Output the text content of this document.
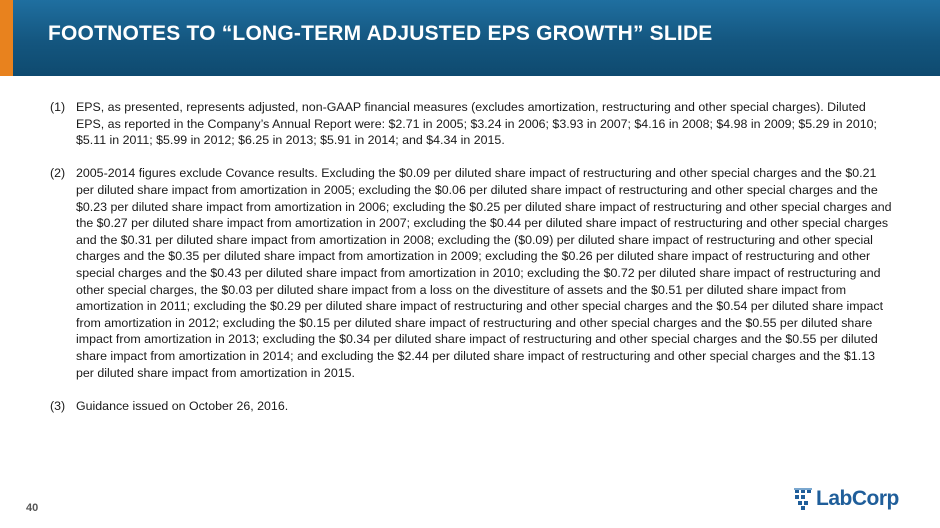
FOOTNOTES TO “LONG-TERM ADJUSTED EPS GROWTH” SLIDE
(1) EPS, as presented, represents adjusted, non-GAAP financial measures (excludes amortization, restructuring and other special charges). Diluted EPS, as reported in the Company’s Annual Report were: $2.71 in 2005; $3.24 in 2006; $3.93 in 2007; $4.16 in 2008; $4.98 in 2009; $5.29 in 2010; $5.11 in 2011; $5.99 in 2012; $6.25 in 2013; $5.91 in 2014; and $4.34 in 2015.
(2) 2005-2014 figures exclude Covance results. Excluding the $0.09 per diluted share impact of restructuring and other special charges and the $0.21 per diluted share impact from amortization in 2005; excluding the $0.06 per diluted share impact of restructuring and other special charges and the $0.23 per diluted share impact from amortization in 2006; excluding the $0.25 per diluted share impact of restructuring and other special charges and the $0.27 per diluted share impact from amortization in 2007; excluding the $0.44 per diluted share impact of restructuring and other special charges and the $0.31 per diluted share impact from amortization in 2008; excluding the ($0.09) per diluted share impact of restructuring and other special charges and the $0.35 per diluted share impact from amortization in 2009; excluding the $0.26 per diluted share impact of restructuring and other special charges and the $0.43 per diluted share impact from amortization in 2010; excluding the $0.72 per diluted share impact of restructuring and other special charges, the $0.03 per diluted share impact from a loss on the divestiture of assets and the $0.51 per diluted share impact from amortization in 2011; excluding the $0.29 per diluted share impact of restructuring and other special charges and the $0.54 per diluted share impact from amortization in 2012; excluding the $0.15 per diluted share impact of restructuring and other special charges and the $0.55 per diluted share impact from amortization in 2013; excluding the $0.34 per diluted share impact of restructuring and other special charges and the $0.55 per diluted share impact from amortization in 2014; and excluding the $2.44 per diluted share impact of restructuring and other special charges and the $1.13 per diluted share impact from amortization in 2015.
(3) Guidance issued on October 26, 2016.
40	LabCorp
